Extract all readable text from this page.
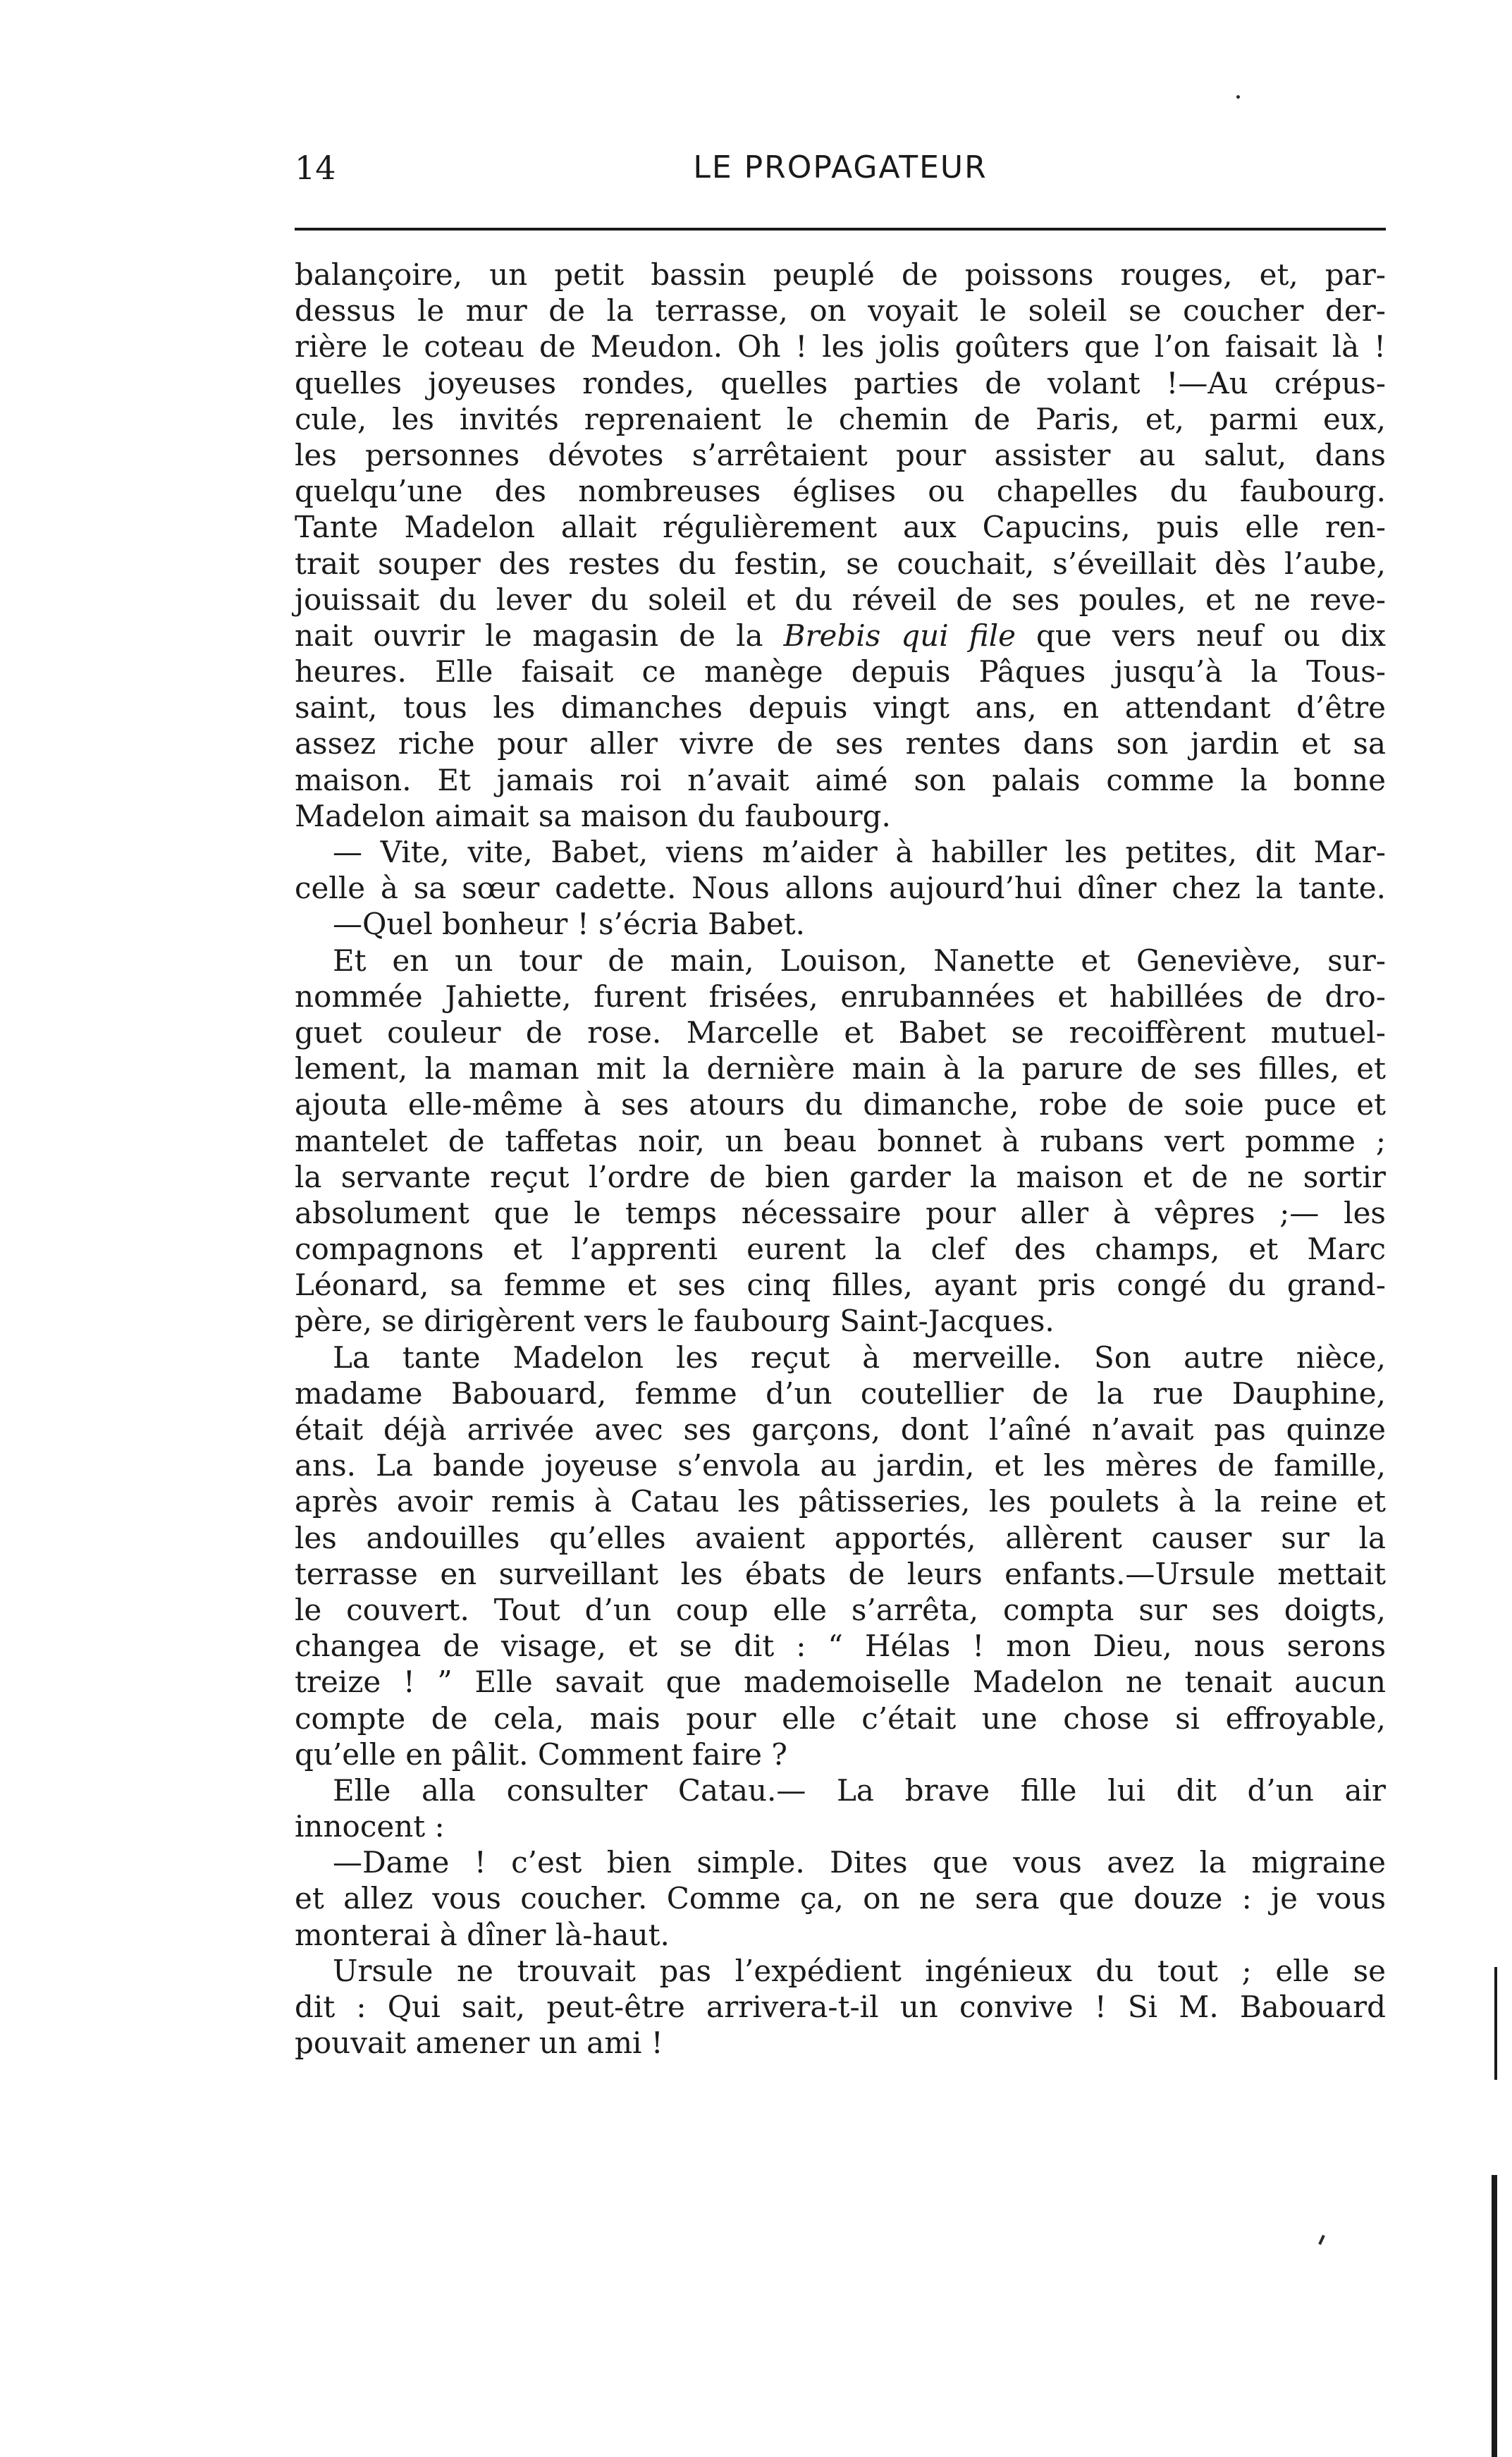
14	LE PROPAGATEUR
balançoire, un petit bassin peuplé de poissons rouges, et, par-
dessus le mur de la terrasse, on voyait le soleil se coucher der-
rière le coteau de Meudon. Oh ! les jolis goûters que l’on faisait là !
quelles joyeuses rondes, quelles parties de volant !—Au crépus-
cule, les invités reprenaient le chemin de Paris, et, parmi eux,
les personnes dévotes s’arrêtaient pour assister au salut, dans
quelqu’une des nombreuses églises ou chapelles du faubourg.
Tante Madelon allait régulièrement aux Capucins, puis elle ren-
trait souper des restes du festin, se couchait, s’éveillait dès l’aube,
jouissait du lever du soleil et du réveil de ses poules, et ne reve-
nait ouvrir le magasin de la Brebis qui file que vers neuf ou dix
heures. Elle faisait ce manège depuis Pâques jusqu’à la Tous-
saint, tous les dimanches depuis vingt ans, en attendant d’être
assez riche pour aller vivre de ses rentes dans son jardin et sa
maison. Et jamais roi n’avait aimé son palais comme la bonne
Madelon aimait sa maison du faubourg.
— Vite, vite, Babet, viens m’aider à habiller les petites, dit Mar-
celle à sa sœur cadette. Nous allons aujourd’hui dîner chez la tante.
—Quel bonheur ! s’écria Babet.
Et en un tour de main, Louison, Nanette et Geneviève, sur-
nommée Jahiette, furent frisées, enrubannées et habillées de dro-
guet couleur de rose. Marcelle et Babet se recoiffèrent mutuel-
lement, la maman mit la dernière main à la parure de ses filles, et
ajouta elle-même à ses atours du dimanche, robe de soie puce et
mantelet de taffetas noir, un beau bonnet à rubans vert pomme ;
la servante reçut l’ordre de bien garder la maison et de ne sortir
absolument que le temps nécessaire pour aller à vêpres ;— les
compagnons et l’apprenti eurent la clef des champs, et Marc
Léonard, sa femme et ses cinq filles, ayant pris congé du grand-
père, se dirigèrent vers le faubourg Saint-Jacques.
La tante Madelon les reçut à merveille. Son autre nièce,
madame Babouard, femme d’un coutellier de la rue Dauphine,
était déjà arrivée avec ses garçons, dont l’aîné n’avait pas quinze
ans. La bande joyeuse s’envola au jardin, et les mères de famille,
après avoir remis à Catau les pâtisseries, les poulets à la reine et
les andouilles qu’elles avaient apportés, allèrent causer sur la
terrasse en surveillant les ébats de leurs enfants.—Ursule mettait
le couvert. Tout d’un coup elle s’arrêta, compta sur ses doigts,
changea de visage, et se dit : “ Hélas ! mon Dieu, nous serons
treize ! ” Elle savait que mademoiselle Madelon ne tenait aucun
compte de cela, mais pour elle c’était une chose si effroyable,
qu’elle en pâlit. Comment faire ?
Elle alla consulter Catau.— La brave fille lui dit d’un air
innocent :
—Dame ! c’est bien simple. Dites que vous avez la migraine
et allez vous coucher. Comme ça, on ne sera que douze : je vous
monterai à dîner là-haut.
Ursule ne trouvait pas l’expédient ingénieux du tout ; elle se
dit : Qui sait, peut-être arrivera-t-il un convive ! Si M. Babouard
pouvait amener un ami !
